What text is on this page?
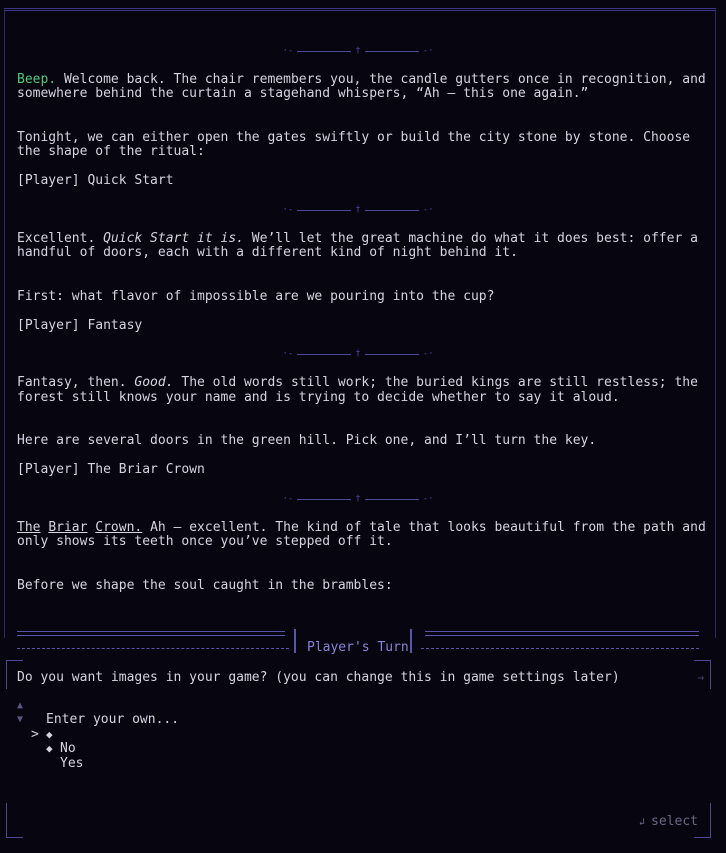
·-	†	-·

Beep. Welcome back. The chair remembers you, the candle gutters once in recognition, and somewhere behind the curtain a stagehand whispers, “Ah — this one again.”

Tonight, we can either open the gates swiftly or build the city stone by stone. Choose the shape of the ritual:

[Player] Quick Start

·-	†	-·

Excellent. Quick Start it is. We’ll let the great machine do what it does best: offer a handful of doors, each with a different kind of night behind it.

First: what flavor of impossible are we pouring into the cup?

[Player] Fantasy

·-	†	-·

Fantasy, then. Good. The old words still work; the buried kings are still restless; the forest still knows your name and is trying to decide whether to say it aloud.

Here are several doors in the green hill. Pick one, and I’ll turn the key.

[Player] The Briar Crown

·-	†	-·

The Briar Crown. Ah — excellent. The kind of tale that looks beautiful from the path and only shows its teeth once you’ve stepped off it.

Before we shape the soul caught in the brambles:

Player's Turn
Do you want images in your game? (you can change this in game settings later)	→

▲

Enter your own...

▼

>

◆

Yes

◆

No

↲ select
